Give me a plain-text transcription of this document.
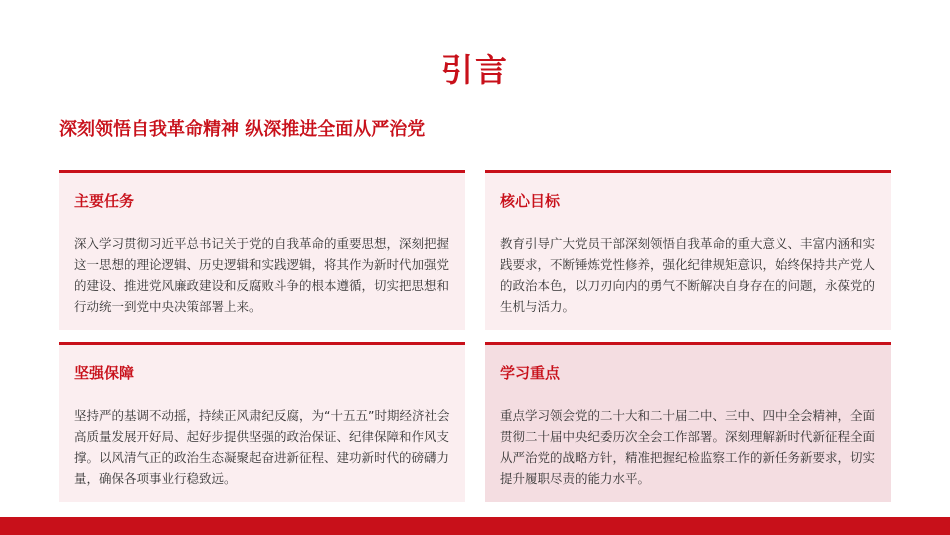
引言
深刻领悟自我革命精神 纵深推进全面从严治党
主要任务
深入学习贯彻习近平总书记关于党的自我革命的重要思想，深刻把握这一思想的理论逻辑、历史逻辑和实践逻辑，将其作为新时代加强党的建设、推进党风廉政建设和反腐败斗争的根本遵循，切实把思想和行动统一到党中央决策部署上来。
核心目标
教育引导广大党员干部深刻领悟自我革命的重大意义、丰富内涵和实践要求，不断锤炼党性修养，强化纪律规矩意识，始终保持共产党人的政治本色，以刀刃向内的勇气不断解决自身存在的问题，永葆党的生机与活力。
坚强保障
坚持严的基调不动摇，持续正风肃纪反腐，为“十五五”时期经济社会高质量发展开好局、起好步提供坚强的政治保证、纪律保障和作风支撑。以风清气正的政治生态凝聚起奋进新征程、建功新时代的磅礴力量，确保各项事业行稳致远。
学习重点
重点学习领会党的二十大和二十届二中、三中、四中全会精神，全面贯彻二十届中央纪委历次全会工作部署。深刻理解新时代新征程全面从严治党的战略方针，精准把握纪检监察工作的新任务新要求，切实提升履职尽责的能力水平。
